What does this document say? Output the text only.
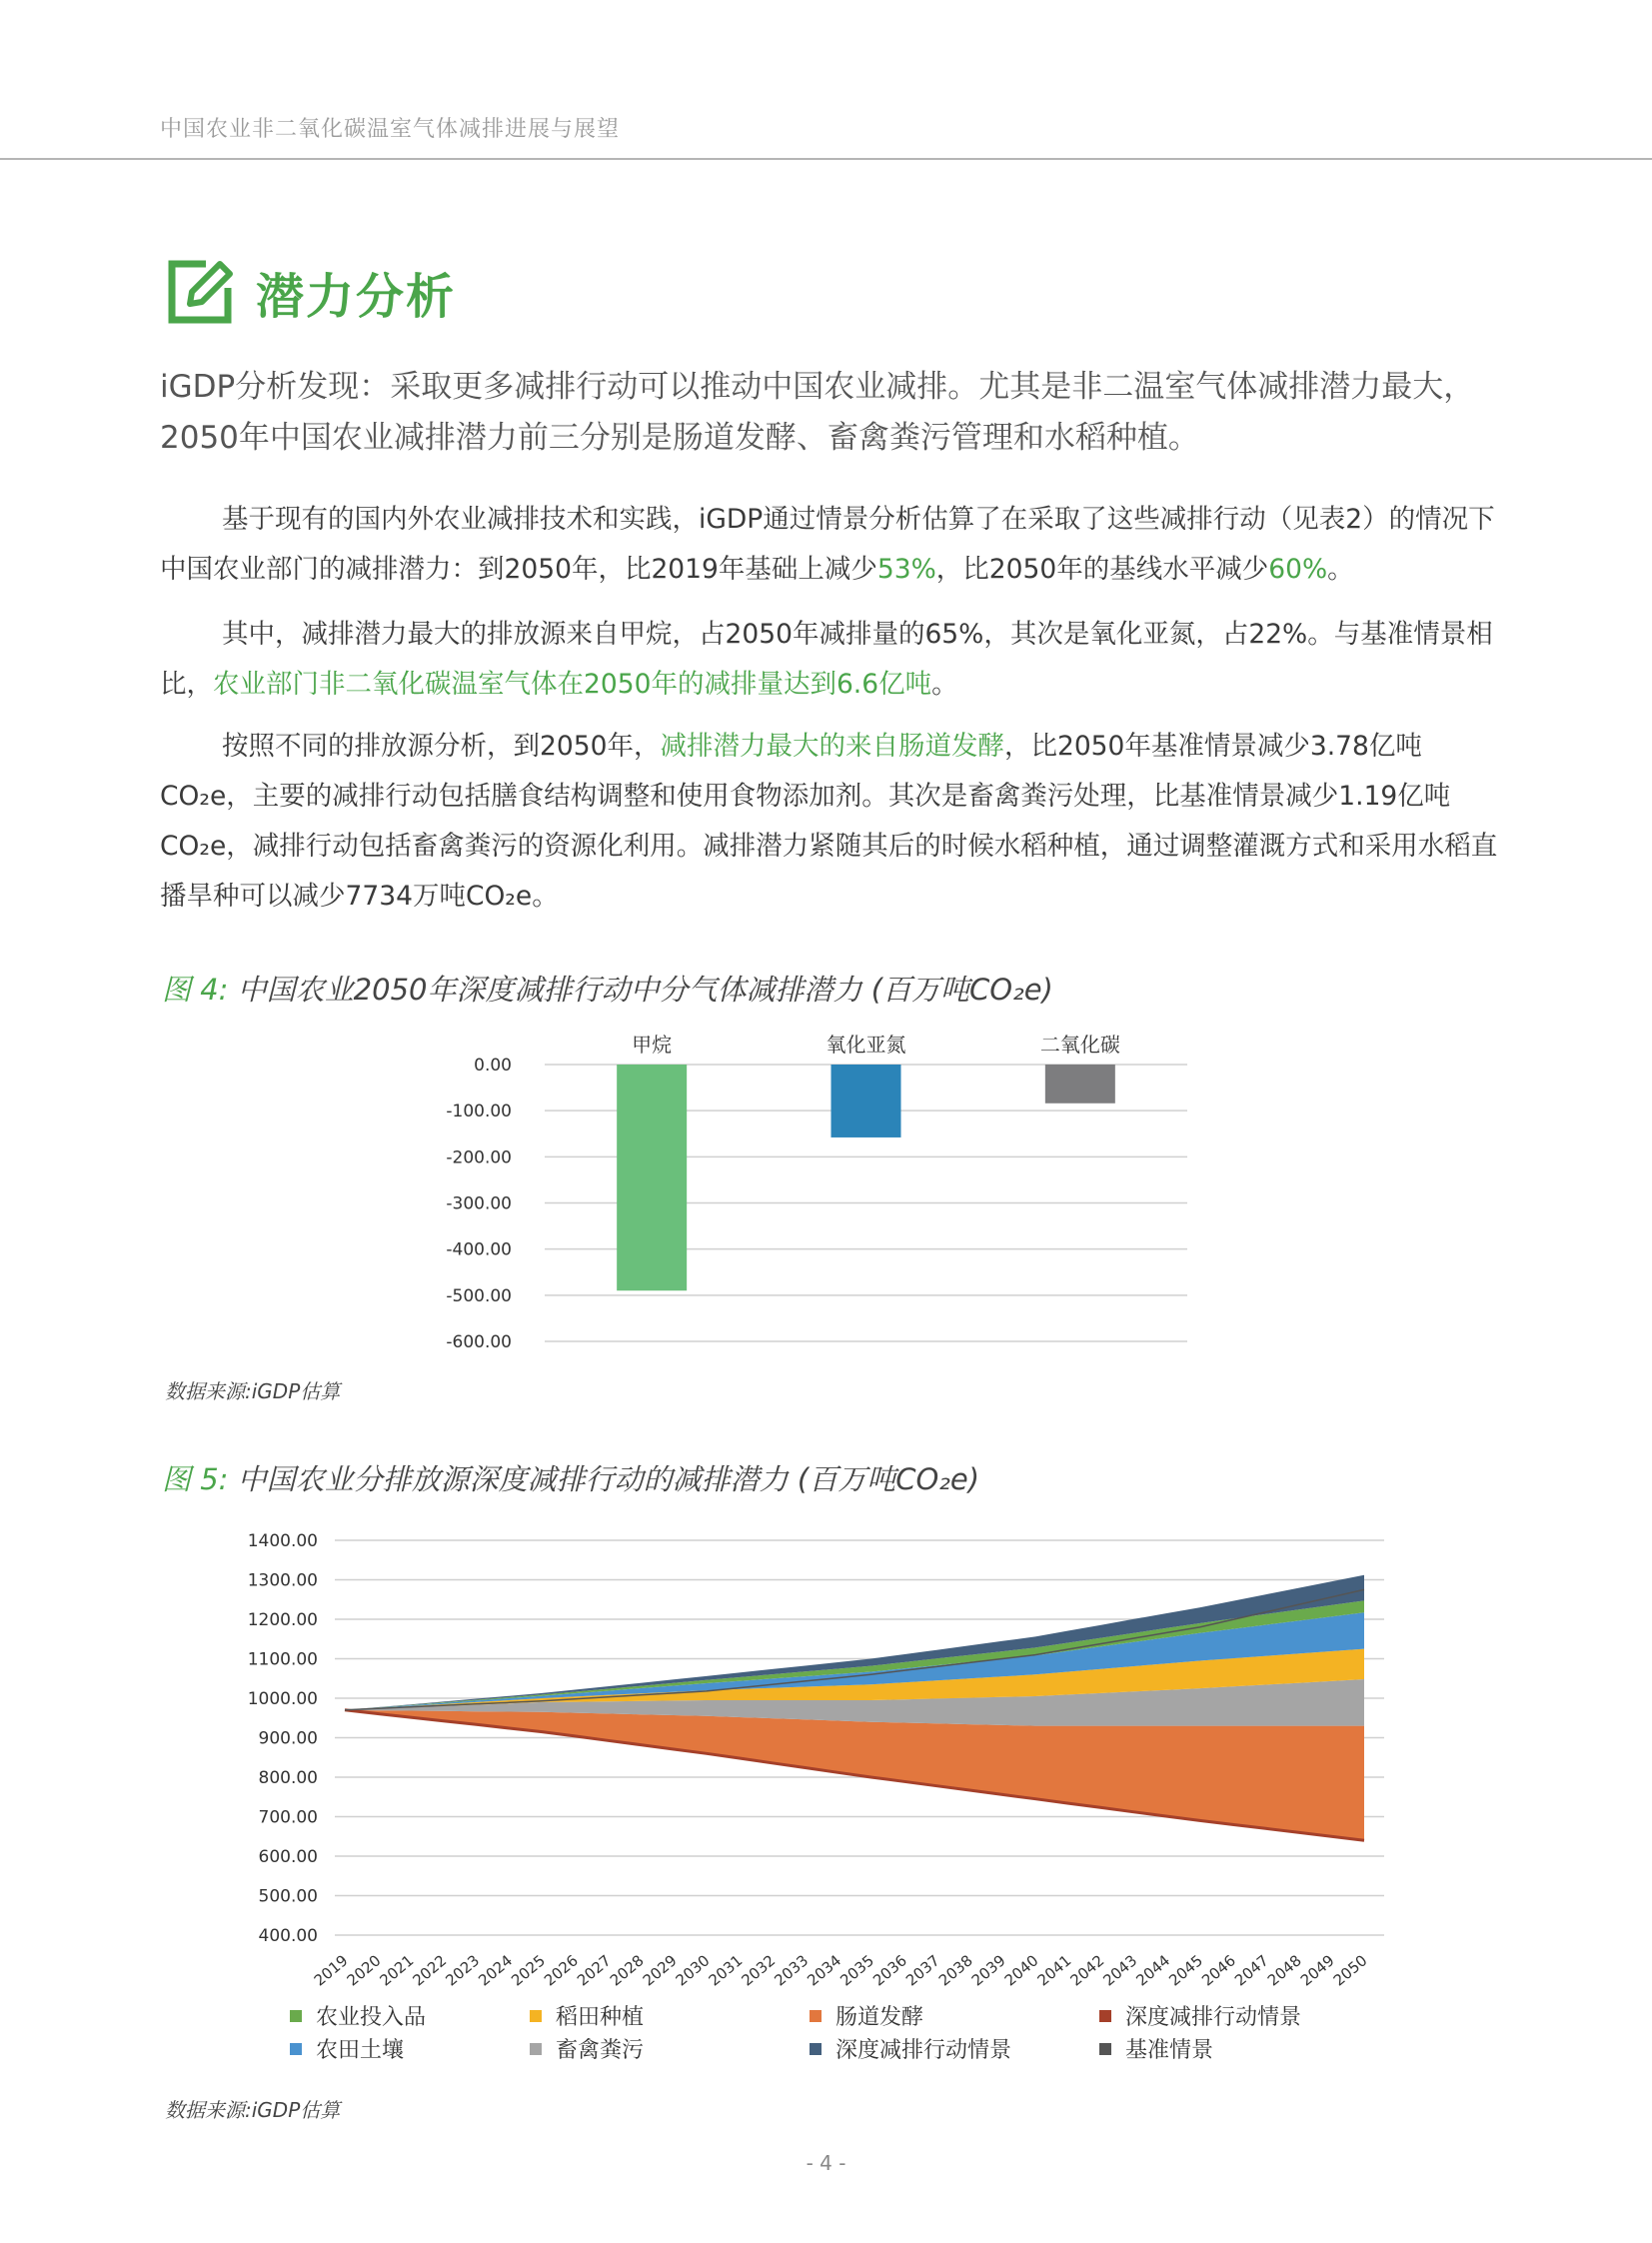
中国农业非二氧化碳温室气体减排进展与展望
潜力分析
iGDP分析发现：采取更多减排行动可以推动中国农业减排。尤其是非二温室气体减排潜力最大，2050年中国农业减排潜力前三分别是肠道发酵、畜禽粪污管理和水稻种植。
基于现有的国内外农业减排技术和实践，iGDP通过情景分析估算了在采取了这些减排行动（见表2）的情况下中国农业部门的减排潜力：到2050年，比2019年基础上减少53%，比2050年的基线水平减少60%。
其中，减排潜力最大的排放源来自甲烷，占2050年减排量的65%，其次是氧化亚氮，占22%。与基准情景相比，农业部门非二氧化碳温室气体在2050年的减排量达到6.6亿吨。
按照不同的排放源分析，到2050年，减排潜力最大的来自肠道发酵，比2050年基准情景减少3.78亿吨CO₂e，主要的减排行动包括膳食结构调整和使用食物添加剂。其次是畜禽粪污处理，比基准情景减少1.19亿吨CO₂e，减排行动包括畜禽粪污的资源化利用。减排潜力紧随其后的时候水稻种植，通过调整灌溉方式和采用水稻直播旱种可以减少7734万吨CO₂e。
图 4: 中国农业2050年深度减排行动中分气体减排潜力 (百万吨CO₂e)
0.00
-100.00
-200.00
-300.00
-400.00
-500.00
-600.00
甲烷	氧化亚氮	二氧化碳
数据来源:iGDP估算
图 5: 中国农业分排放源深度减排行动的减排潜力 (百万吨CO₂e)
1400.00
1300.00
1200.00
1100.00
1000.00
900.00
800.00
700.00
600.00
500.00
400.00
2019
2020
2021
2022
2023
2024
2025
2026
2027
2028
2029
2030
2031
2032
2033
2034
2035
2036
2037
2038
2039
2040
2041
2042
2043
2044
2045
2046
2047
2048
2049
2050
农业投入品	稻田种植	肠道发酵	深度减排行动情景
农田土壤	畜禽粪污	深度减排行动情景	基准情景
数据来源:iGDP估算
- 4 -
